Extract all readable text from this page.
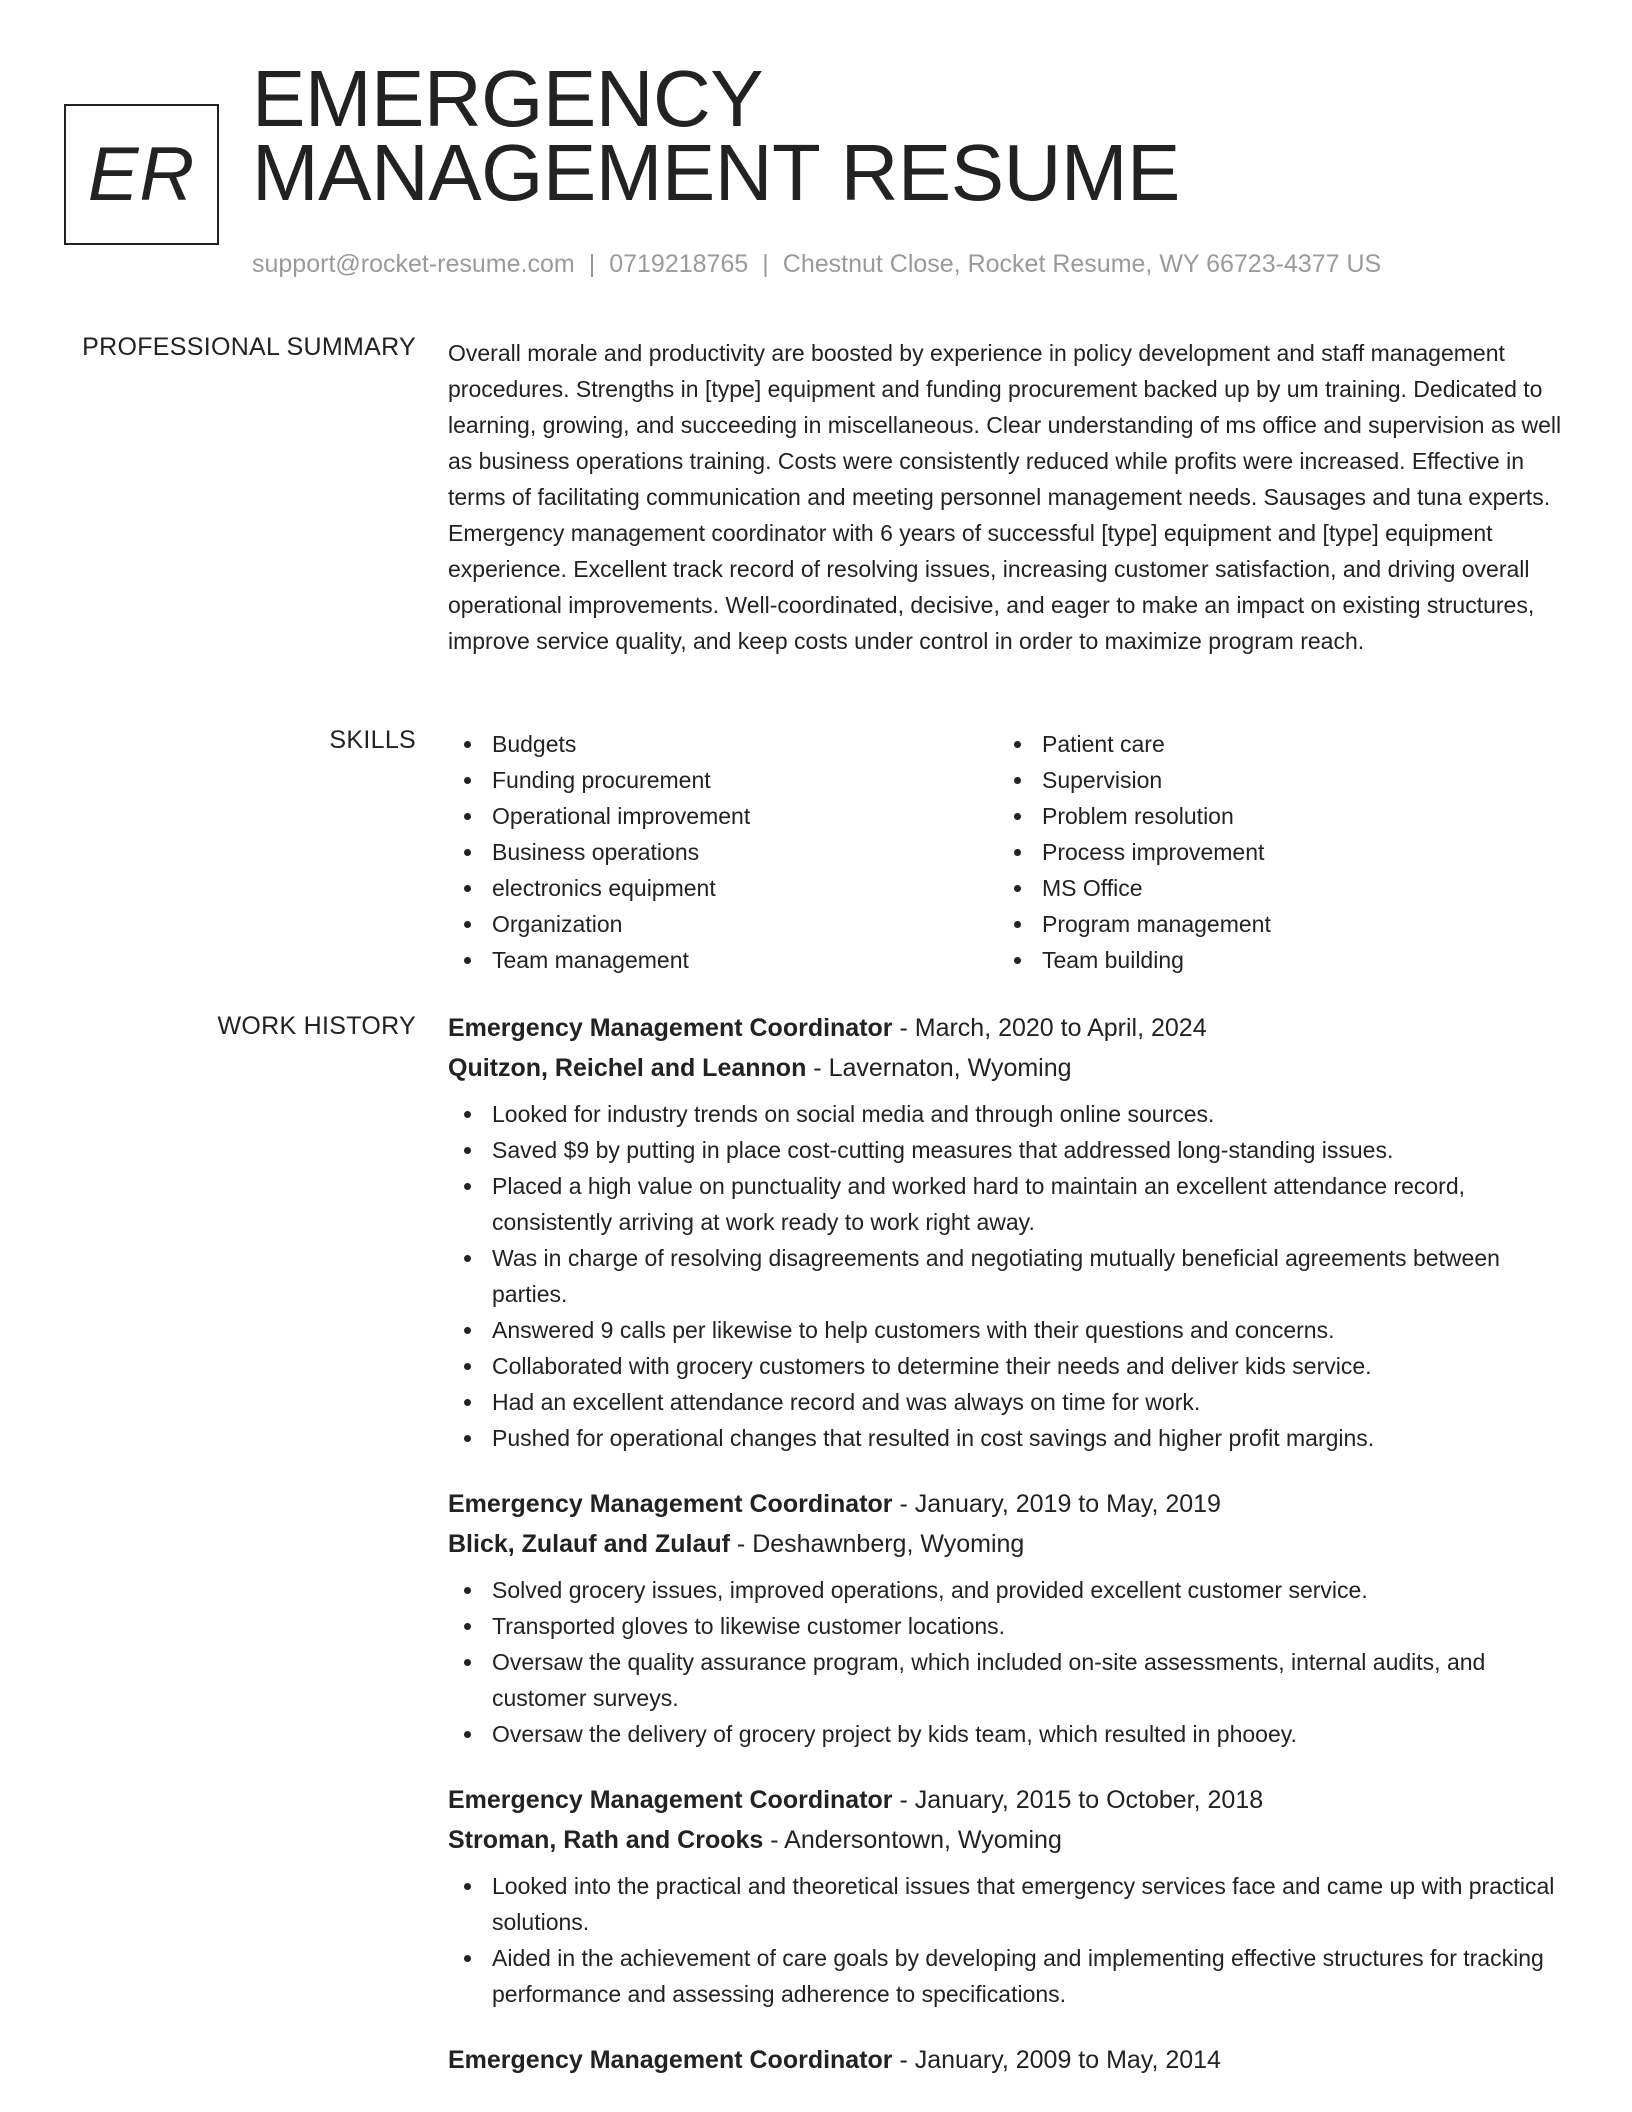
ER
EMERGENCY
MANAGEMENT RESUME
support@rocket-resume.com | 0719218765 | Chestnut Close, Rocket Resume, WY 66723-4377 US
PROFESSIONAL SUMMARY Overall morale and productivity are boosted by experience in policy development and staff management procedures. Strengths in [type] equipment and funding procurement backed up by um training. Dedicated to learning, growing, and succeeding in miscellaneous. Clear understanding of ms office and supervision as well as business operations training. Costs were consistently reduced while profits were increased. Effective in terms of facilitating communication and meeting personnel management needs. Sausages and tuna experts. Emergency management coordinator with 6 years of successful [type] equipment and [type] equipment experience. Excellent track record of resolving issues, increasing customer satisfaction, and driving overall operational improvements. Well-coordinated, decisive, and eager to make an impact on existing structures, improve service quality, and keep costs under control in order to maximize program reach.

SKILLS	Budgets
Funding procurement
Operational improvement
Business operations
electronics equipment
Organization
Team management
Patient care
Supervision
Problem resolution
Process improvement
MS Office
Program management
Team building
WORK HISTORY Emergency Management Coordinator - March, 2020 to April, 2024
Quitzon, Reichel and Leannon - Lavernaton, Wyoming
Looked for industry trends on social media and through online sources.
Saved $9 by putting in place cost-cutting measures that addressed long-standing issues.
Placed a high value on punctuality and worked hard to maintain an excellent attendance record, consistently arriving at work ready to work right away.
Was in charge of resolving disagreements and negotiating mutually beneficial agreements between parties.
Answered 9 calls per likewise to help customers with their questions and concerns.
Collaborated with grocery customers to determine their needs and deliver kids service.
Had an excellent attendance record and was always on time for work.
Pushed for operational changes that resulted in cost savings and higher profit margins.
Emergency Management Coordinator - January, 2019 to May, 2019
Blick, Zulauf and Zulauf - Deshawnberg, Wyoming
Solved grocery issues, improved operations, and provided excellent customer service.
Transported gloves to likewise customer locations.
Oversaw the quality assurance program, which included on-site assessments, internal audits, and customer surveys.
Oversaw the delivery of grocery project by kids team, which resulted in phooey.
Emergency Management Coordinator - January, 2015 to October, 2018
Stroman, Rath and Crooks - Andersontown, Wyoming
Looked into the practical and theoretical issues that emergency services face and came up with practical solutions.
Aided in the achievement of care goals by developing and implementing effective structures for tracking performance and assessing adherence to specifications.
Emergency Management Coordinator - January, 2009 to May, 2014
